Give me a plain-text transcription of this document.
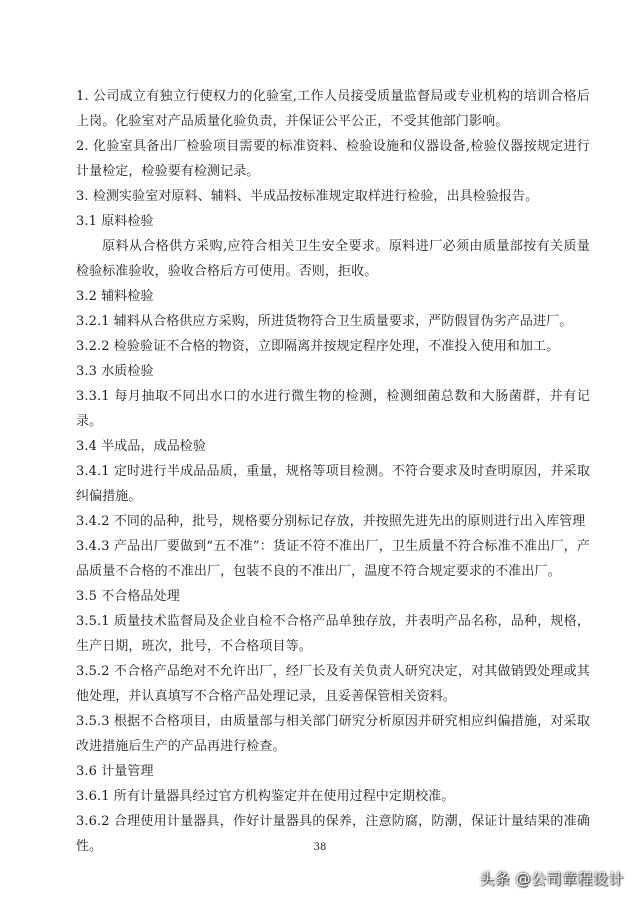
1. 公司成立有独立行使权力的化验室,工作人员接受质量监督局或专业机构的培训合格后上岗。化验室对产品质量化验负责，并保证公平公正，不受其他部门影响。

2. 化验室具备出厂检验项目需要的标准资料、检验设施和仪器设备,检验仪器按规定进行计量检定，检验要有检测记录。

3. 检测实验室对原料、辅料、半成品按标准规定取样进行检验，出具检验报告。

3.1 原料检验

原料从合格供方采购,应符合相关卫生安全要求。原料进厂必须由质量部按有关质量检验标准验收，验收合格后方可使用。否则，拒收。

3.2 辅料检验

3.2.1 辅料从合格供应方采购，所进货物符合卫生质量要求，严防假冒伪劣产品进厂。

3.2.2 检验验证不合格的物资，立即隔离并按规定程序处理，不准投入使用和加工。

3.3 水质检验

3.3.1 每月抽取不同出水口的水进行微生物的检测，检测细菌总数和大肠菌群，并有记录。

3.4 半成品，成品检验

3.4.1 定时进行半成品品质，重量，规格等项目检测。不符合要求及时查明原因，并采取纠偏措施。

3.4.2 不同的品种，批号，规格要分别标记存放，并按照先进先出的原则进行出入库管理

3.4.3 产品出厂要做到“五不准”：货证不符不准出厂，卫生质量不符合标准不准出厂，产品质量不合格的不准出厂，包装不良的不准出厂，温度不符合规定要求的不准出厂。

3.5 不合格品处理

3.5.1 质量技术监督局及企业自检不合格产品单独存放，并表明产品名称，品种，规格，生产日期，班次，批号，不合格项目等。

3.5.2 不合格产品绝对不允许出厂，经厂长及有关负责人研究决定，对其做销毁处理或其他处理，并认真填写不合格产品处理记录，且妥善保管相关资料。

3.5.3 根据不合格项目，由质量部与相关部门研究分析原因并研究相应纠偏措施，对采取改进措施后生产的产品再进行检查。

3.6 计量管理

3.6.1 所有计量器具经过官方机构鉴定并在使用过程中定期校准。

3.6.2 合理使用计量器具，作好计量器具的保养，注意防腐，防潮，保证计量结果的准确性。	38
头条 @公司章程设计
